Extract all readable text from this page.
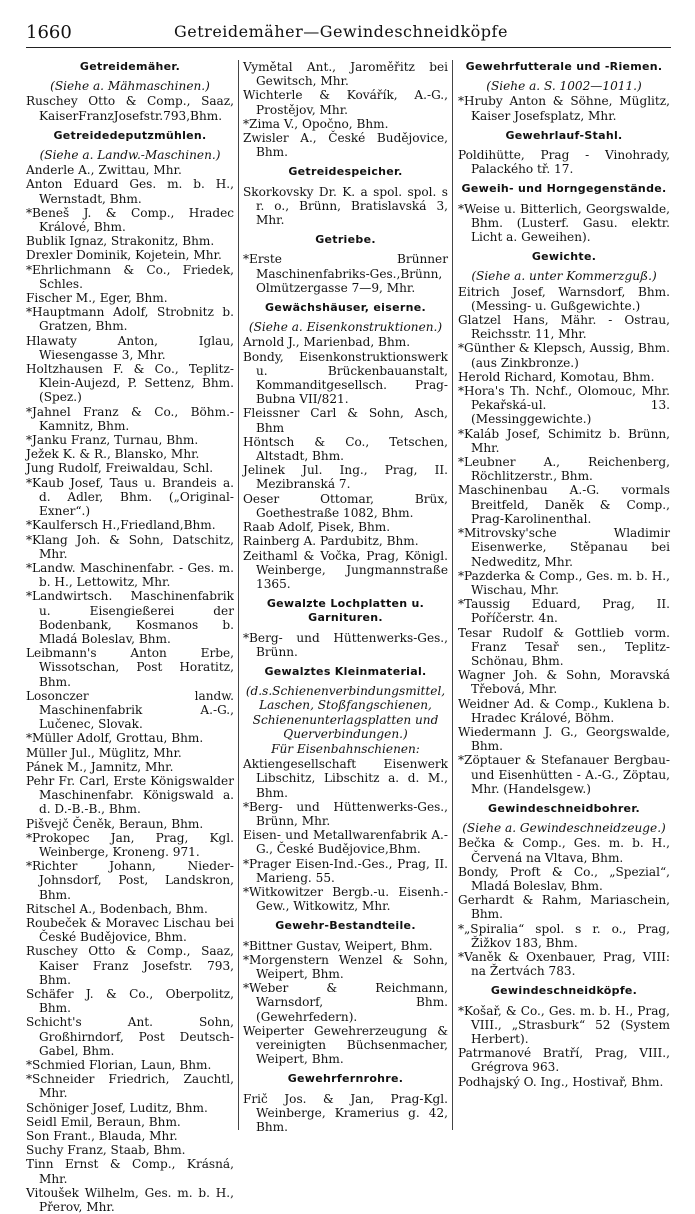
1660	Getreidemäher—Gewindeschneidköpfe
Getreidemäher.
(Siehe a. Mähmaschinen.)
Ruschey Otto & Comp., Saaz, KaiserFranzJosefstr.793,Bhm.
Getreidedeputzmühlen.
(Siehe a. Landw.-Maschinen.)
Anderle A., Zwittau, Mhr.
Anton Eduard Ges. m. b. H., Wernstadt, Bhm.
*Beneš J. & Comp., Hradec Králové, Bhm.
Bublik Ignaz, Strakonitz, Bhm.
Drexler Dominik, Kojetein, Mhr.
*Ehrlichmann & Co., Friedek, Schles.
Fischer M., Eger, Bhm.
*Hauptmann Adolf, Strobnitz b. Gratzen, Bhm.
Hlawaty Anton, Iglau, Wiesengasse 3, Mhr.
Holtzhausen F. & Co., Teplitz-Klein-Aujezd, P. Settenz, Bhm. (Spez.)
*Jahnel Franz & Co., Böhm.-Kamnitz, Bhm.
*Janku Franz, Turnau, Bhm.
Ježek K. & R., Blansko, Mhr.
Jung Rudolf, Freiwaldau, Schl.
*Kaub Josef, Taus u. Brandeis a. d. Adler, Bhm. („Original-Exner“.)
*Kaulfersch H.,Friedland,Bhm.
*Klang Joh. & Sohn, Datschitz, Mhr.
*Landw. Maschinenfabr. - Ges. m. b. H., Lettowitz, Mhr.
*Landwirtsch. Maschinenfabrik u. Eisengießerei der Bodenbank, Kosmanos b. Mladá Boleslav, Bhm.
Leibmann's Anton Erbe, Wissotschan, Post Horatitz, Bhm.
Losonczer landw. Maschinenfabrik A.-G., Lučenec, Slovak.
*Müller Adolf, Grottau, Bhm.
Müller Jul., Müglitz, Mhr.
Pánek M., Jamnitz, Mhr.
Pehr Fr. Carl, Erste Königswalder Maschinenfabr. Königswald a. d. D.-B.-B., Bhm.
Pišvejč Čeněk, Beraun, Bhm.
*Prokopec Jan, Prag, Kgl. Weinberge, Kroneng. 971.
*Richter Johann, Nieder-Johnsdorf, Post, Landskron, Bhm.
Ritschel A., Bodenbach, Bhm.
Roubeček & Moravec Lischau bei České Budějovice, Bhm.
Ruschey Otto & Comp., Saaz, Kaiser Franz Josefstr. 793, Bhm.
Schäfer J. & Co., Oberpolitz, Bhm.
Schicht's Ant. Sohn, Großhirndorf, Post Deutsch-Gabel, Bhm.
*Schmied Florian, Laun, Bhm.
*Schneider Friedrich, Zauchtl, Mhr.
Schöniger Josef, Luditz, Bhm.
Seidl Emil, Beraun, Bhm.
Son Frant., Blauda, Mhr.
Suchy Franz, Staab, Bhm.
Tinn Ernst & Comp., Krásná, Mhr.
Vitoušek Wilhelm, Ges. m. b. H., Přerov, Mhr.
Vymětal Ant., Jaroměřitz bei Gewitsch, Mhr.
Wichterle & Kovářík, A.-G., Prostějov, Mhr.
*Zima V., Opočno, Bhm.
Zwisler A., České Budějovice, Bhm.
Getreidespeicher.
Skorkovsky Dr. K. a spol. spol. s r. o., Brünn, Bratislavská 3, Mhr.
Getriebe.
*Erste Brünner Maschinenfabriks-Ges.,Brünn, Olmützergasse 7—9, Mhr.
Gewächshäuser, eiserne.
(Siehe a. Eisenkonstruktionen.)
Arnold J., Marienbad, Bhm.
Bondy, Eisenkonstruktionswerk u. Brückenbauanstalt, Kommanditgesellsch. Prag-Bubna VII/821.
Fleissner Carl & Sohn, Asch, Bhm
Höntsch & Co., Tetschen, Altstadt, Bhm.
Jelinek Jul. Ing., Prag, II. Mezibranská 7.
Oeser Ottomar, Brüx, Goethestraße 1082, Bhm.
Raab Adolf, Pisek, Bhm.
Rainberg A. Pardubitz, Bhm.
Zeithaml & Vočka, Prag, Königl. Weinberge, Jungmannstraße 1365.
Gewalzte Lochplatten u. Garnituren.
*Berg- und Hüttenwerks-Ges., Brünn.
Gewalztes Kleinmaterial.
(d.s.Schienenverbindungsmittel, Laschen, Stoßfangschienen, Schienenunterlagsplatten und Querverbindungen.)
Für Eisenbahnschienen:
Aktiengesellschaft Eisenwerk Libschitz, Libschitz a. d. M., Bhm.
*Berg- und Hüttenwerks-Ges., Brünn, Mhr.
Eisen- und Metallwarenfabrik A.-G., České Budějovice,Bhm.
*Prager Eisen-Ind.-Ges., Prag, II. Marieng. 55.
*Witkowitzer Bergb.-u. Eisenh.-Gew., Witkowitz, Mhr.
Gewehr-Bestandteile.
*Bittner Gustav, Weipert, Bhm.
*Morgenstern Wenzel & Sohn, Weipert, Bhm.
*Weber & Reichmann, Warnsdorf, Bhm. (Gewehrfedern).
Weiperter Gewehrerzeugung & vereinigten Büchsenmacher, Weipert, Bhm.
Gewehrfernrohre.
Frič Jos. & Jan, Prag-Kgl. Weinberge, Kramerius g. 42, Bhm.
Gewehrfutterale und -Riemen.
(Siehe a. S. 1002—1011.)
*Hruby Anton & Söhne, Müglitz, Kaiser Josefsplatz, Mhr.
Gewehrlauf-Stahl.
Poldihütte, Prag - Vinohrady, Palackého tř. 17.
Geweih- und Horngegenstände.
*Weise u. Bitterlich, Georgswalde, Bhm. (Lusterf. Gasu. elektr. Licht a. Geweihen).
Gewichte.
(Siehe a. unter Kommerzguß.)
Eitrich Josef, Warnsdorf, Bhm. (Messing- u. Gußgewichte.)
Glatzel Hans, Mähr. - Ostrau, Reichsstr. 11, Mhr.
*Günther & Klepsch, Aussig, Bhm. (aus Zinkbronze.)
Herold Richard, Komotau, Bhm.
*Hora's Th. Nchf., Olomouc, Mhr. Pekařská-ul. 13. (Messinggewichte.)
*Kaláb Josef, Schimitz b. Brünn, Mhr.
*Leubner A., Reichenberg, Röchlitzerstr., Bhm.
Maschinenbau A.-G. vormals Breitfeld, Daněk & Comp., Prag-Karolinenthal.
*Mitrovsky'sche Wladimir Eisenwerke, Stěpanau bei Nedweditz, Mhr.
*Pazderka & Comp., Ges. m. b. H., Wischau, Mhr.
*Taussig Eduard, Prag, II. Poříčerstr. 4n.
Tesar Rudolf & Gottlieb vorm. Franz Tesař sen., Teplitz-Schönau, Bhm.
Wagner Joh. & Sohn, Moravská Třebová, Mhr.
Weidner Ad. & Comp., Kuklena b. Hradec Králové, Böhm.
Wiedermann J. G., Georgswalde, Bhm.
*Zöptauer & Stefanauer Bergbau- und Eisenhütten - A.-G., Zöptau, Mhr. (Handelsgew.)
Gewindeschneidbohrer.
(Siehe a. Gewindeschneidzeuge.)
Bečka & Comp., Ges. m. b. H., Červená na Vltava, Bhm.
Bondy, Proft & Co., „Spezial“, Mladá Boleslav, Bhm.
Gerhardt & Rahm, Mariaschein, Bhm.
*„Spiralia“ spol. s r. o., Prag, Žižkov 183, Bhm.
*Vaněk & Oxenbauer, Prag, VIII: na Žertvách 783.
Gewindeschneidköpfe.
*Košař, & Co., Ges. m. b. H., Prag, VIII., „Strasburk“ 52 (System Herbert).
Patrmanové Bratří, Prag, VIII., Grégrova 963.
Podhajský O. Ing., Hostivař, Bhm.
